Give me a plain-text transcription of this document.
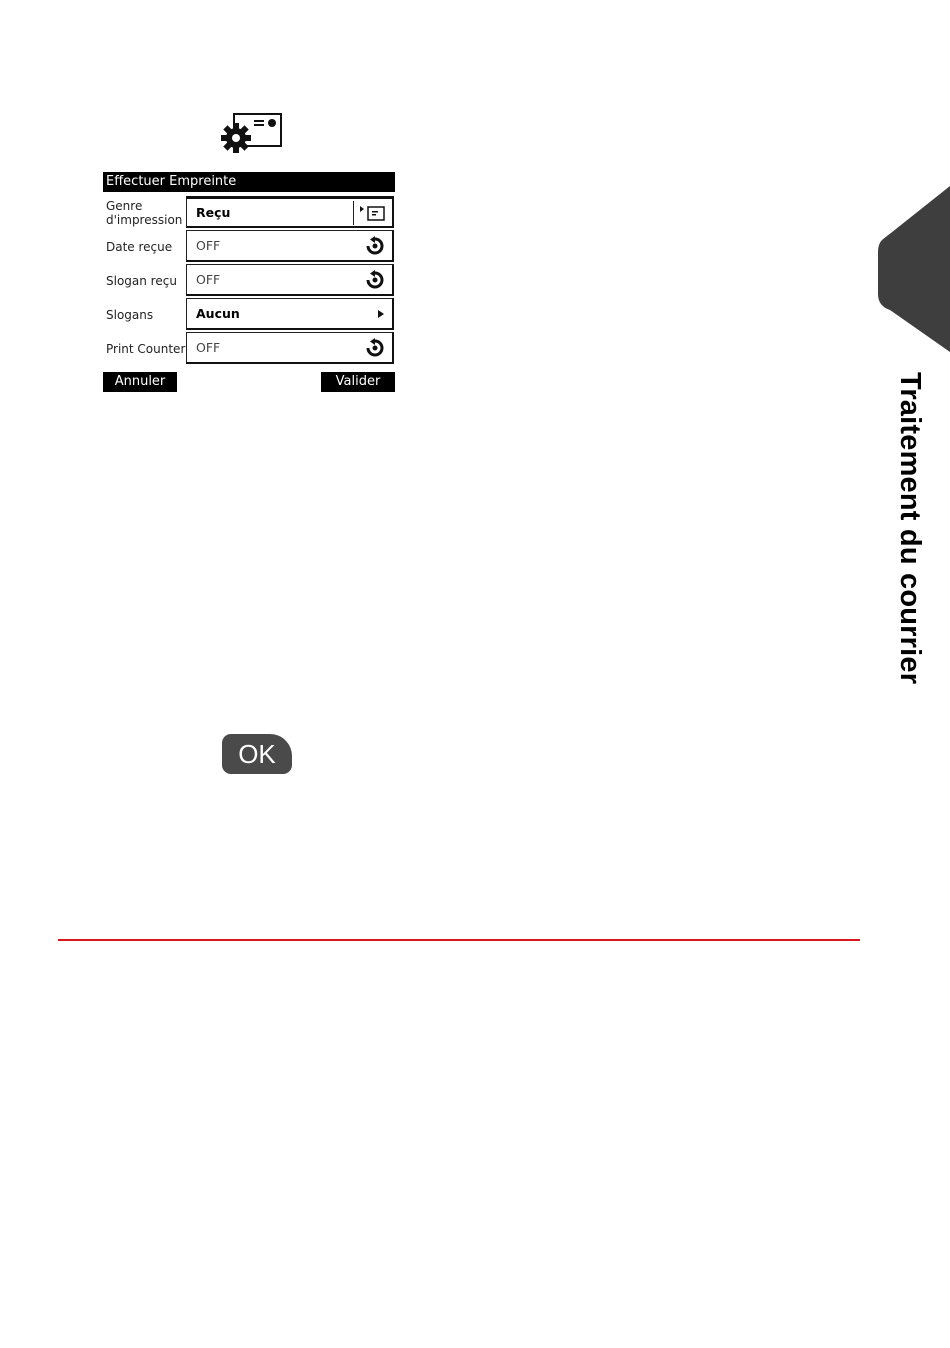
Effectuer Empreinte
Genre
d'impression	Reçu
Date reçue	OFF
Slogan reçu	OFF
Slogans	Aucun
Print Counter OFF
Annuler	Valider
OK
Traitement du courrier
